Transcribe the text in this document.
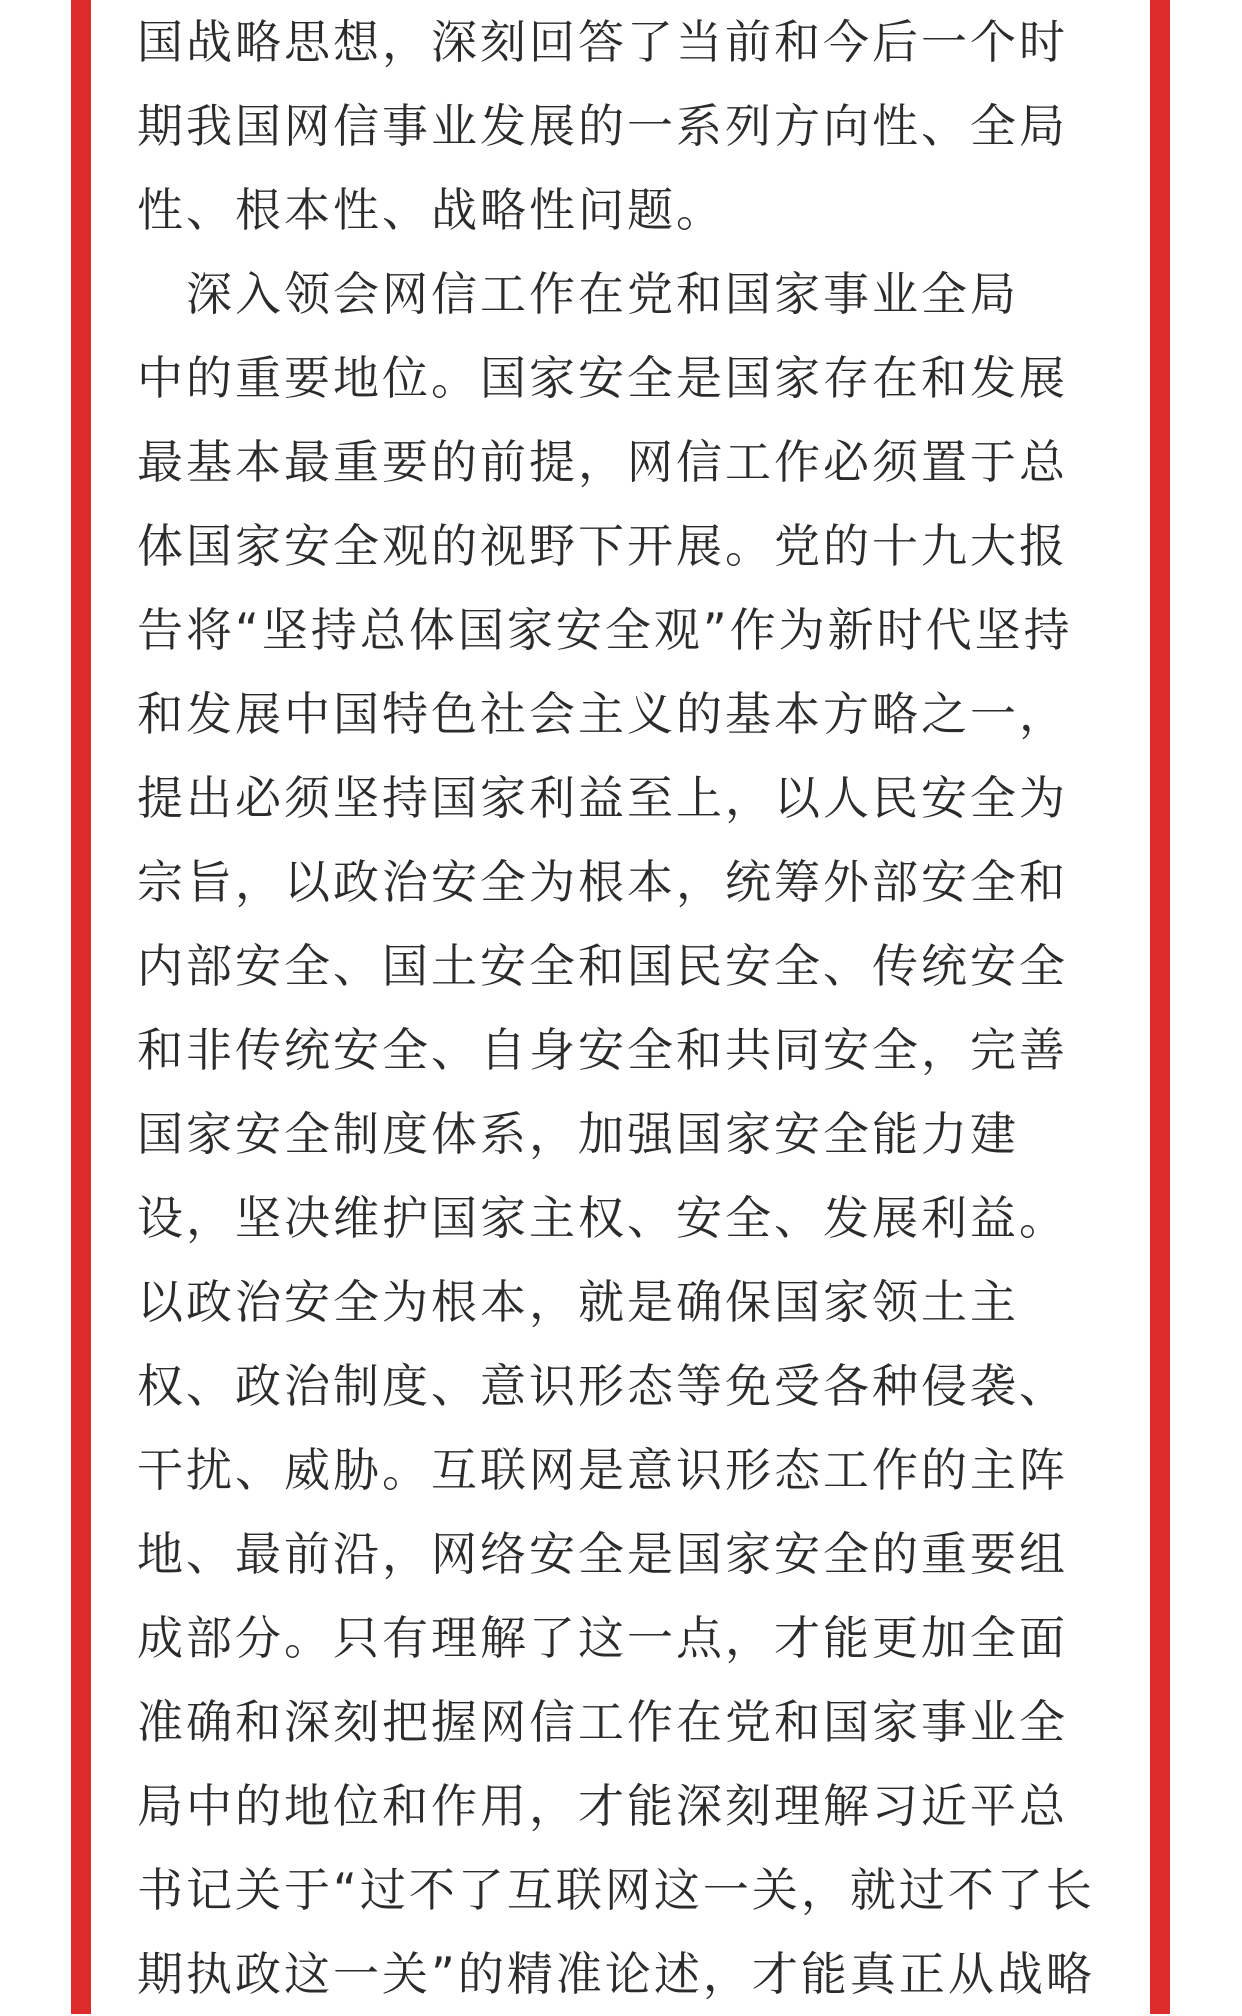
国战略思想，深刻回答了当前和今后一个时
期我国网信事业发展的一系列方向性、全局
性、根本性、战略性问题。
　深入领会网信工作在党和国家事业全局
中的重要地位。国家安全是国家存在和发展
最基本最重要的前提，网信工作必须置于总
体国家安全观的视野下开展。党的十九大报
告将“坚持总体国家安全观”作为新时代坚持
和发展中国特色社会主义的基本方略之一，
提出必须坚持国家利益至上，以人民安全为
宗旨，以政治安全为根本，统筹外部安全和
内部安全、国土安全和国民安全、传统安全
和非传统安全、自身安全和共同安全，完善
国家安全制度体系，加强国家安全能力建
设，坚决维护国家主权、安全、发展利益。
以政治安全为根本，就是确保国家领土主
权、政治制度、意识形态等免受各种侵袭、
干扰、威胁。互联网是意识形态工作的主阵
地、最前沿，网络安全是国家安全的重要组
成部分。只有理解了这一点，才能更加全面
准确和深刻把握网信工作在党和国家事业全
局中的地位和作用，才能深刻理解习近平总
书记关于“过不了互联网这一关，就过不了长
期执政这一关”的精准论述，才能真正从战略
